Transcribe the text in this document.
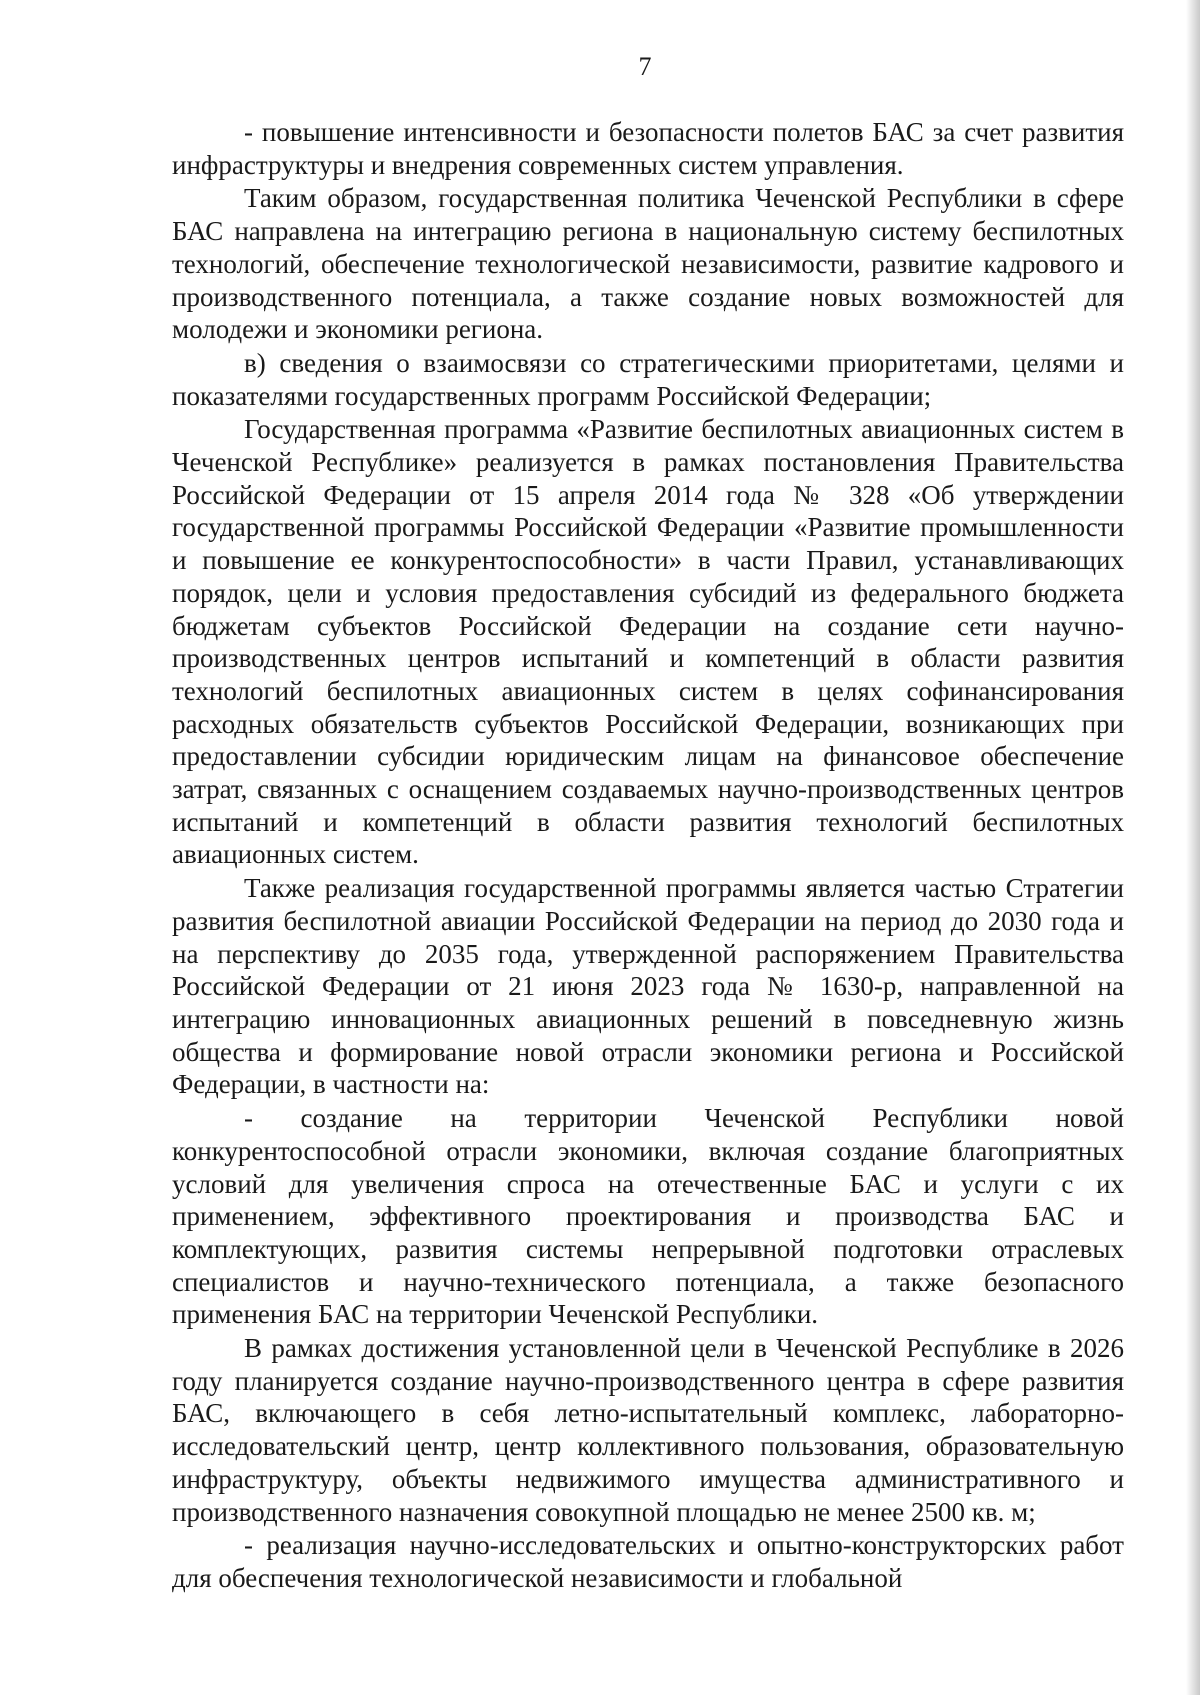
7

- повышение интенсивности и безопасности полетов БАС за счет развития инфраструктуры и внедрения современных систем управления.

Таким образом, государственная политика Чеченской Республики в сфере БАС направлена на интеграцию региона в национальную систему беспилотных технологий, обеспечение технологической независимости, развитие кадрового и производственного потенциала, а также создание новых возможностей для молодежи и экономики региона.

в) сведения о взаимосвязи со стратегическими приоритетами, целями и показателями государственных программ Российской Федерации;

Государственная программа «Развитие беспилотных авиационных систем в Чеченской Республике» реализуется в рамках постановления Правительства Российской Федерации от 15 апреля 2014 года № 328 «Об утверждении государственной программы Российской Федерации «Развитие промышленности и повышение ее конкурентоспособности» в части Правил, устанавливающих порядок, цели и условия предоставления субсидий из федерального бюджета бюджетам субъектов Российской Федерации на создание сети научно-производственных центров испытаний и компетенций в области развития технологий беспилотных авиационных систем в целях софинансирования расходных обязательств субъектов Российской Федерации, возникающих при предоставлении субсидии юридическим лицам на финансовое обеспечение затрат, связанных с оснащением создаваемых научно-производственных центров испытаний и компетенций в области развития технологий беспилотных авиационных систем.

Также реализация государственной программы является частью Стратегии развития беспилотной авиации Российской Федерации на период до 2030 года и на перспективу до 2035 года, утвержденной распоряжением Правительства Российской Федерации от 21 июня 2023 года № 1630-р, направленной на интеграцию инновационных авиационных решений в повседневную жизнь общества и формирование новой отрасли экономики региона и Российской Федерации, в частности на:

- создание на территории Чеченской Республики новой конкурентоспособной отрасли экономики, включая создание благоприятных условий для увеличения спроса на отечественные БАС и услуги с их применением, эффективного проектирования и производства БАС и комплектующих, развития системы непрерывной подготовки отраслевых специалистов и научно-технического потенциала, а также безопасного применения БАС на территории Чеченской Республики.

В рамках достижения установленной цели в Чеченской Республике в 2026 году планируется создание научно-производственного центра в сфере развития БАС, включающего в себя летно-испытательный комплекс, лабораторно-исследовательский центр, центр коллективного пользования, образовательную инфраструктуру, объекты недвижимого имущества административного и производственного назначения совокупной площадью не менее 2500 кв. м;

- реализация научно-исследовательских и опытно-конструкторских работ для обеспечения технологической независимости и глобальной
